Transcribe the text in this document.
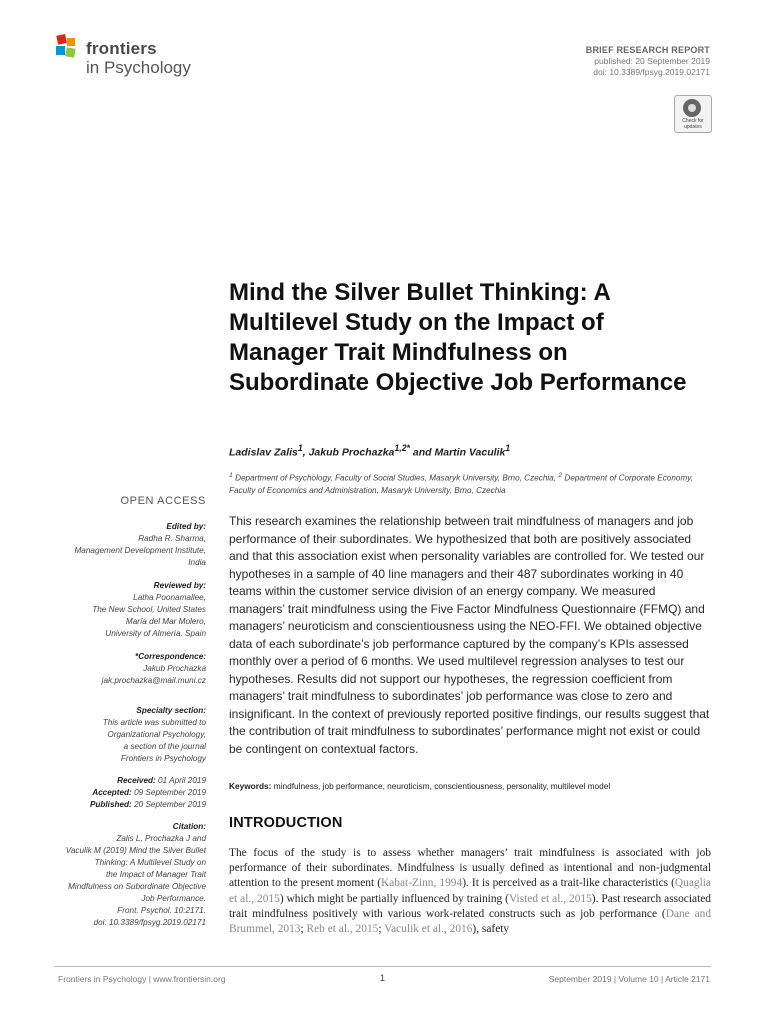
frontiers
in Psychology
BRIEF RESEARCH REPORT
published: 20 September 2019
doi: 10.3389/fpsyg.2019.02171
Check for updates
Mind the Silver Bullet Thinking: A Multilevel Study on the Impact of Manager Trait Mindfulness on Subordinate Objective Job Performance
Ladislav Zalis$^1$, Jakub Prochazka$^{1,2*}$ and Martin Vaculik$^1$
$^1$ Department of Psychology, Faculty of Social Studies, Masaryk University, Brno, Czechia, $^2$ Department of Corporate Economy, Faculty of Economics and Administration, Masaryk University, Brno, Czechia
OPEN ACCESS
Edited by:
Radha R. Sharma,
Management Development Institute,
India
Reviewed by:
Latha Poonamallee,
The New School, United States
María del Mar Molero,
University of Almería, Spain
*Correspondence:
Jakub Prochazka
jak.prochazka@mail.muni.cz
Specialty section:
This article was submitted to
Organizational Psychology,
a section of the journal
Frontiers in Psychology
Received: 01 April 2019
Accepted: 09 September 2019
Published: 20 September 2019
Citation:
Zalis L, Prochazka J and
Vaculik M (2019) Mind the Silver Bullet
Thinking: A Multilevel Study on
the Impact of Manager Trait
Mindfulness on Subordinate Objective
Job Performance.
Front. Psychol. 10:2171.
doi: 10.3389/fpsyg.2019.02171
This research examines the relationship between trait mindfulness of managers and job performance of their subordinates. We hypothesized that both are positively associated and that this association exist when personality variables are controlled for. We tested our hypotheses in a sample of 40 line managers and their 487 subordinates working in 40 teams within the customer service division of an energy company. We measured managers’ trait mindfulness using the Five Factor Mindfulness Questionnaire (FFMQ) and managers’ neuroticism and conscientiousness using the NEO-FFI. We obtained objective data of each subordinate’s job performance captured by the company’s KPIs assessed monthly over a period of 6 months. We used multilevel regression analyses to test our hypotheses. Results did not support our hypotheses, the regression coefficient from managers’ trait mindfulness to subordinates’ job performance was close to zero and insignificant. In the context of previously reported positive findings, our results suggest that the contribution of trait mindfulness to subordinates’ performance might not exist or could be contingent on contextual factors.
Keywords: mindfulness, job performance, neuroticism, conscientiousness, personality, multilevel model
INTRODUCTION
The focus of the study is to assess whether managers’ trait mindfulness is associated with job performance of their subordinates. Mindfulness is usually defined as intentional and non-judgmental attention to the present moment (Kabat-Zinn, 1994). It is perceived as a trait-like characteristics (Quaglia et al., 2015) which might be partially influenced by training (Visted et al., 2015). Past research associated trait mindfulness positively with various work-related constructs such as job performance (Dane and Brummel, 2013; Reb et al., 2015; Vaculik et al., 2016), safety
Frontiers in Psychology | www.frontiersin.org	1	September 2019 | Volume 10 | Article 2171
